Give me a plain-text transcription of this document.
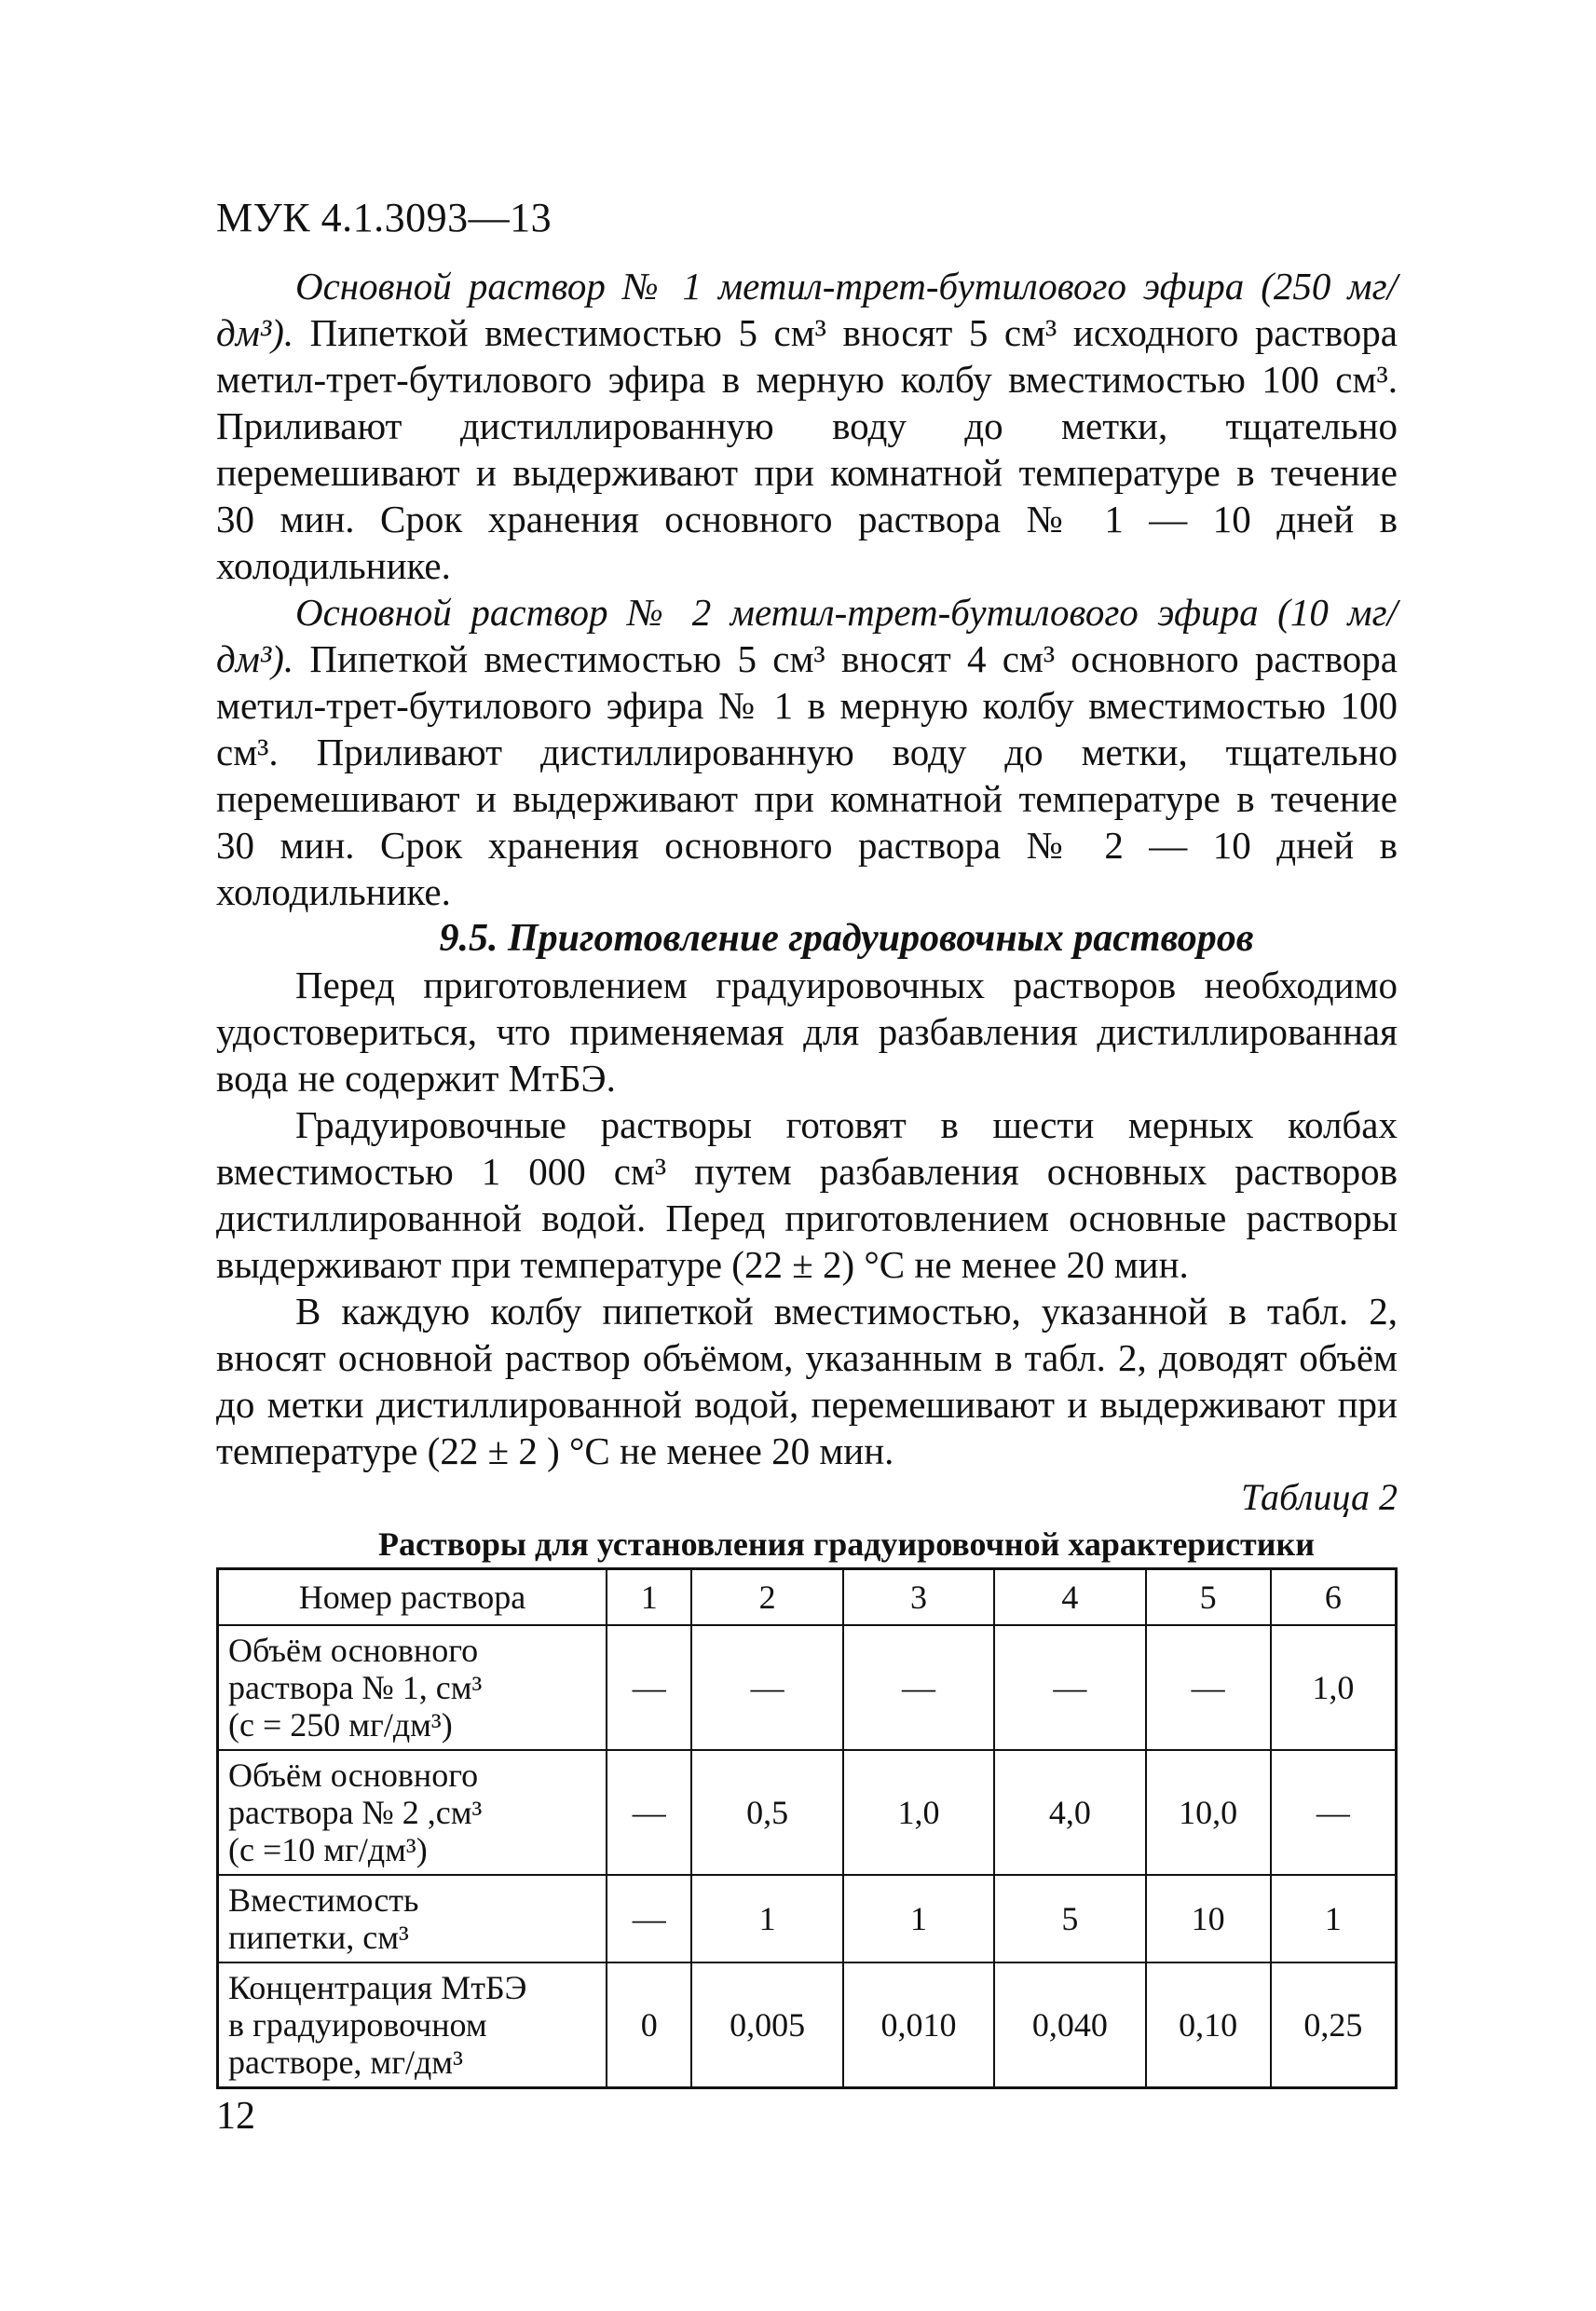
МУК 4.1.3093—13

Основной раствор № 1 метил-трет-бутилового эфира (250 мг/дм³). Пипеткой вместимостью 5 см³ вносят 5 см³ исходного раствора метил-трет-бутилового эфира в мерную колбу вместимостью 100 см³. Приливают дистиллированную воду до метки, тщательно перемешивают и выдерживают при комнатной температуре в течение 30 мин. Срок хранения основного раствора № 1 — 10 дней в холодильнике.

Основной раствор № 2 метил-трет-бутилового эфира (10 мг/дм³). Пипеткой вместимостью 5 см³ вносят 4 см³ основного раствора метил-трет-бутилового эфира № 1 в мерную колбу вместимостью 100 см³. Приливают дистиллированную воду до метки, тщательно перемешивают и выдерживают при комнатной температуре в течение 30 мин. Срок хранения основного раствора № 2 — 10 дней в холодильнике.

9.5. Приготовление градуировочных растворов

Перед приготовлением градуировочных растворов необходимо удостовериться, что применяемая для разбавления дистиллированная вода не содержит МтБЭ.

Градуировочные растворы готовят в шести мерных колбах вместимостью 1 000 см³ путем разбавления основных растворов дистиллированной водой. Перед приготовлением основные растворы выдерживают при температуре (22 ± 2) °С не менее 20 мин.

В каждую колбу пипеткой вместимостью, указанной в табл. 2, вносят основной раствор объёмом, указанным в табл. 2, доводят объём до метки дистиллированной водой, перемешивают и выдерживают при температуре (22 ± 2 ) °С не менее 20 мин.

Таблица 2

Растворы для установления градуировочной характеристики

Номер раствора	1	2	3	4	5	6

Объём основного
раствора № 1, см³
(с = 250 мг/дм³)	—	—	—	—	—	1,0

Объём основного
раствора № 2 ,см³
(с =10 мг/дм³)	—	0,5	1,0	4,0	10,0	—

Вместимость
пипетки, см³	—	1	1	5	10	1

Концентрация МтБЭ
в градуировочном
растворе, мг/дм³	0	0,005	0,010	0,040	0,10	0,25
12
